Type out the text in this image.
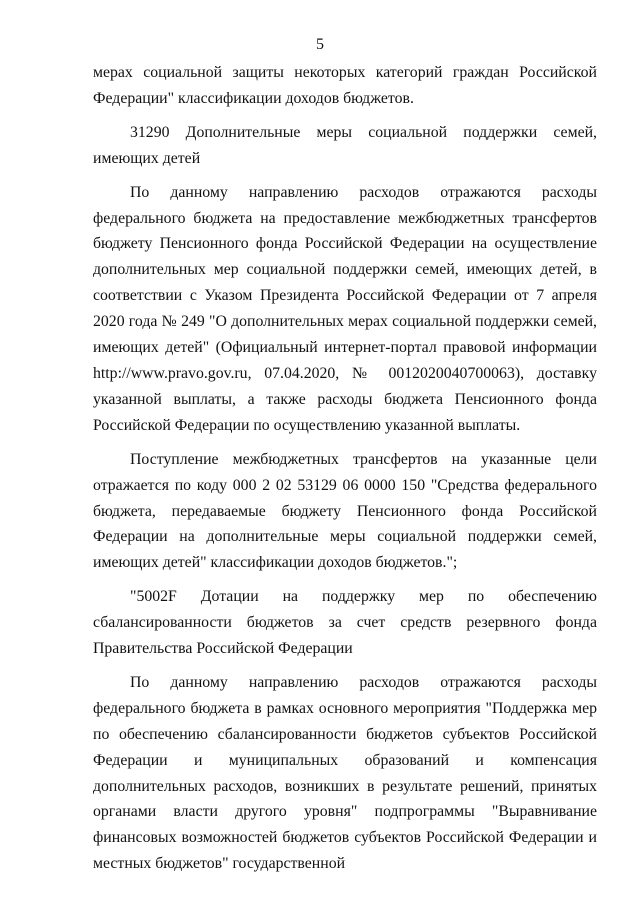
5

мерах социальной защиты некоторых категорий граждан Российской Федерации" классификации доходов бюджетов.

31290 Дополнительные меры социальной поддержки семей, имеющих детей

По данному направлению расходов отражаются расходы федерального бюджета на предоставление межбюджетных трансфертов бюджету Пенсионного фонда Российской Федерации на осуществление дополнительных мер социальной поддержки семей, имеющих детей, в соответствии с Указом Президента Российской Федерации от 7 апреля 2020 года № 249 "О дополнительных мерах социальной поддержки семей, имеющих детей" (Официальный интернет-портал правовой информации http://www.pravo.gov.ru, 07.04.2020, № 0012020040700063), доставку указанной выплаты, а также расходы бюджета Пенсионного фонда Российской Федерации по осуществлению указанной выплаты.

Поступление межбюджетных трансфертов на указанные цели отражается по коду 000 2 02 53129 06 0000 150 "Средства федерального бюджета, передаваемые бюджету Пенсионного фонда Российской Федерации на дополнительные меры социальной поддержки семей, имеющих детей" классификации доходов бюджетов.";

"5002F Дотации на поддержку мер по обеспечению сбалансированности бюджетов за счет средств резервного фонда Правительства Российской Федерации

По данному направлению расходов отражаются расходы федерального бюджета в рамках основного мероприятия "Поддержка мер по обеспечению сбалансированности бюджетов субъектов Российской Федерации и муниципальных образований и компенсация дополнительных расходов, возникших в результате решений, принятых органами власти другого уровня" подпрограммы "Выравнивание финансовых возможностей бюджетов субъектов Российской Федерации и местных бюджетов" государственной
